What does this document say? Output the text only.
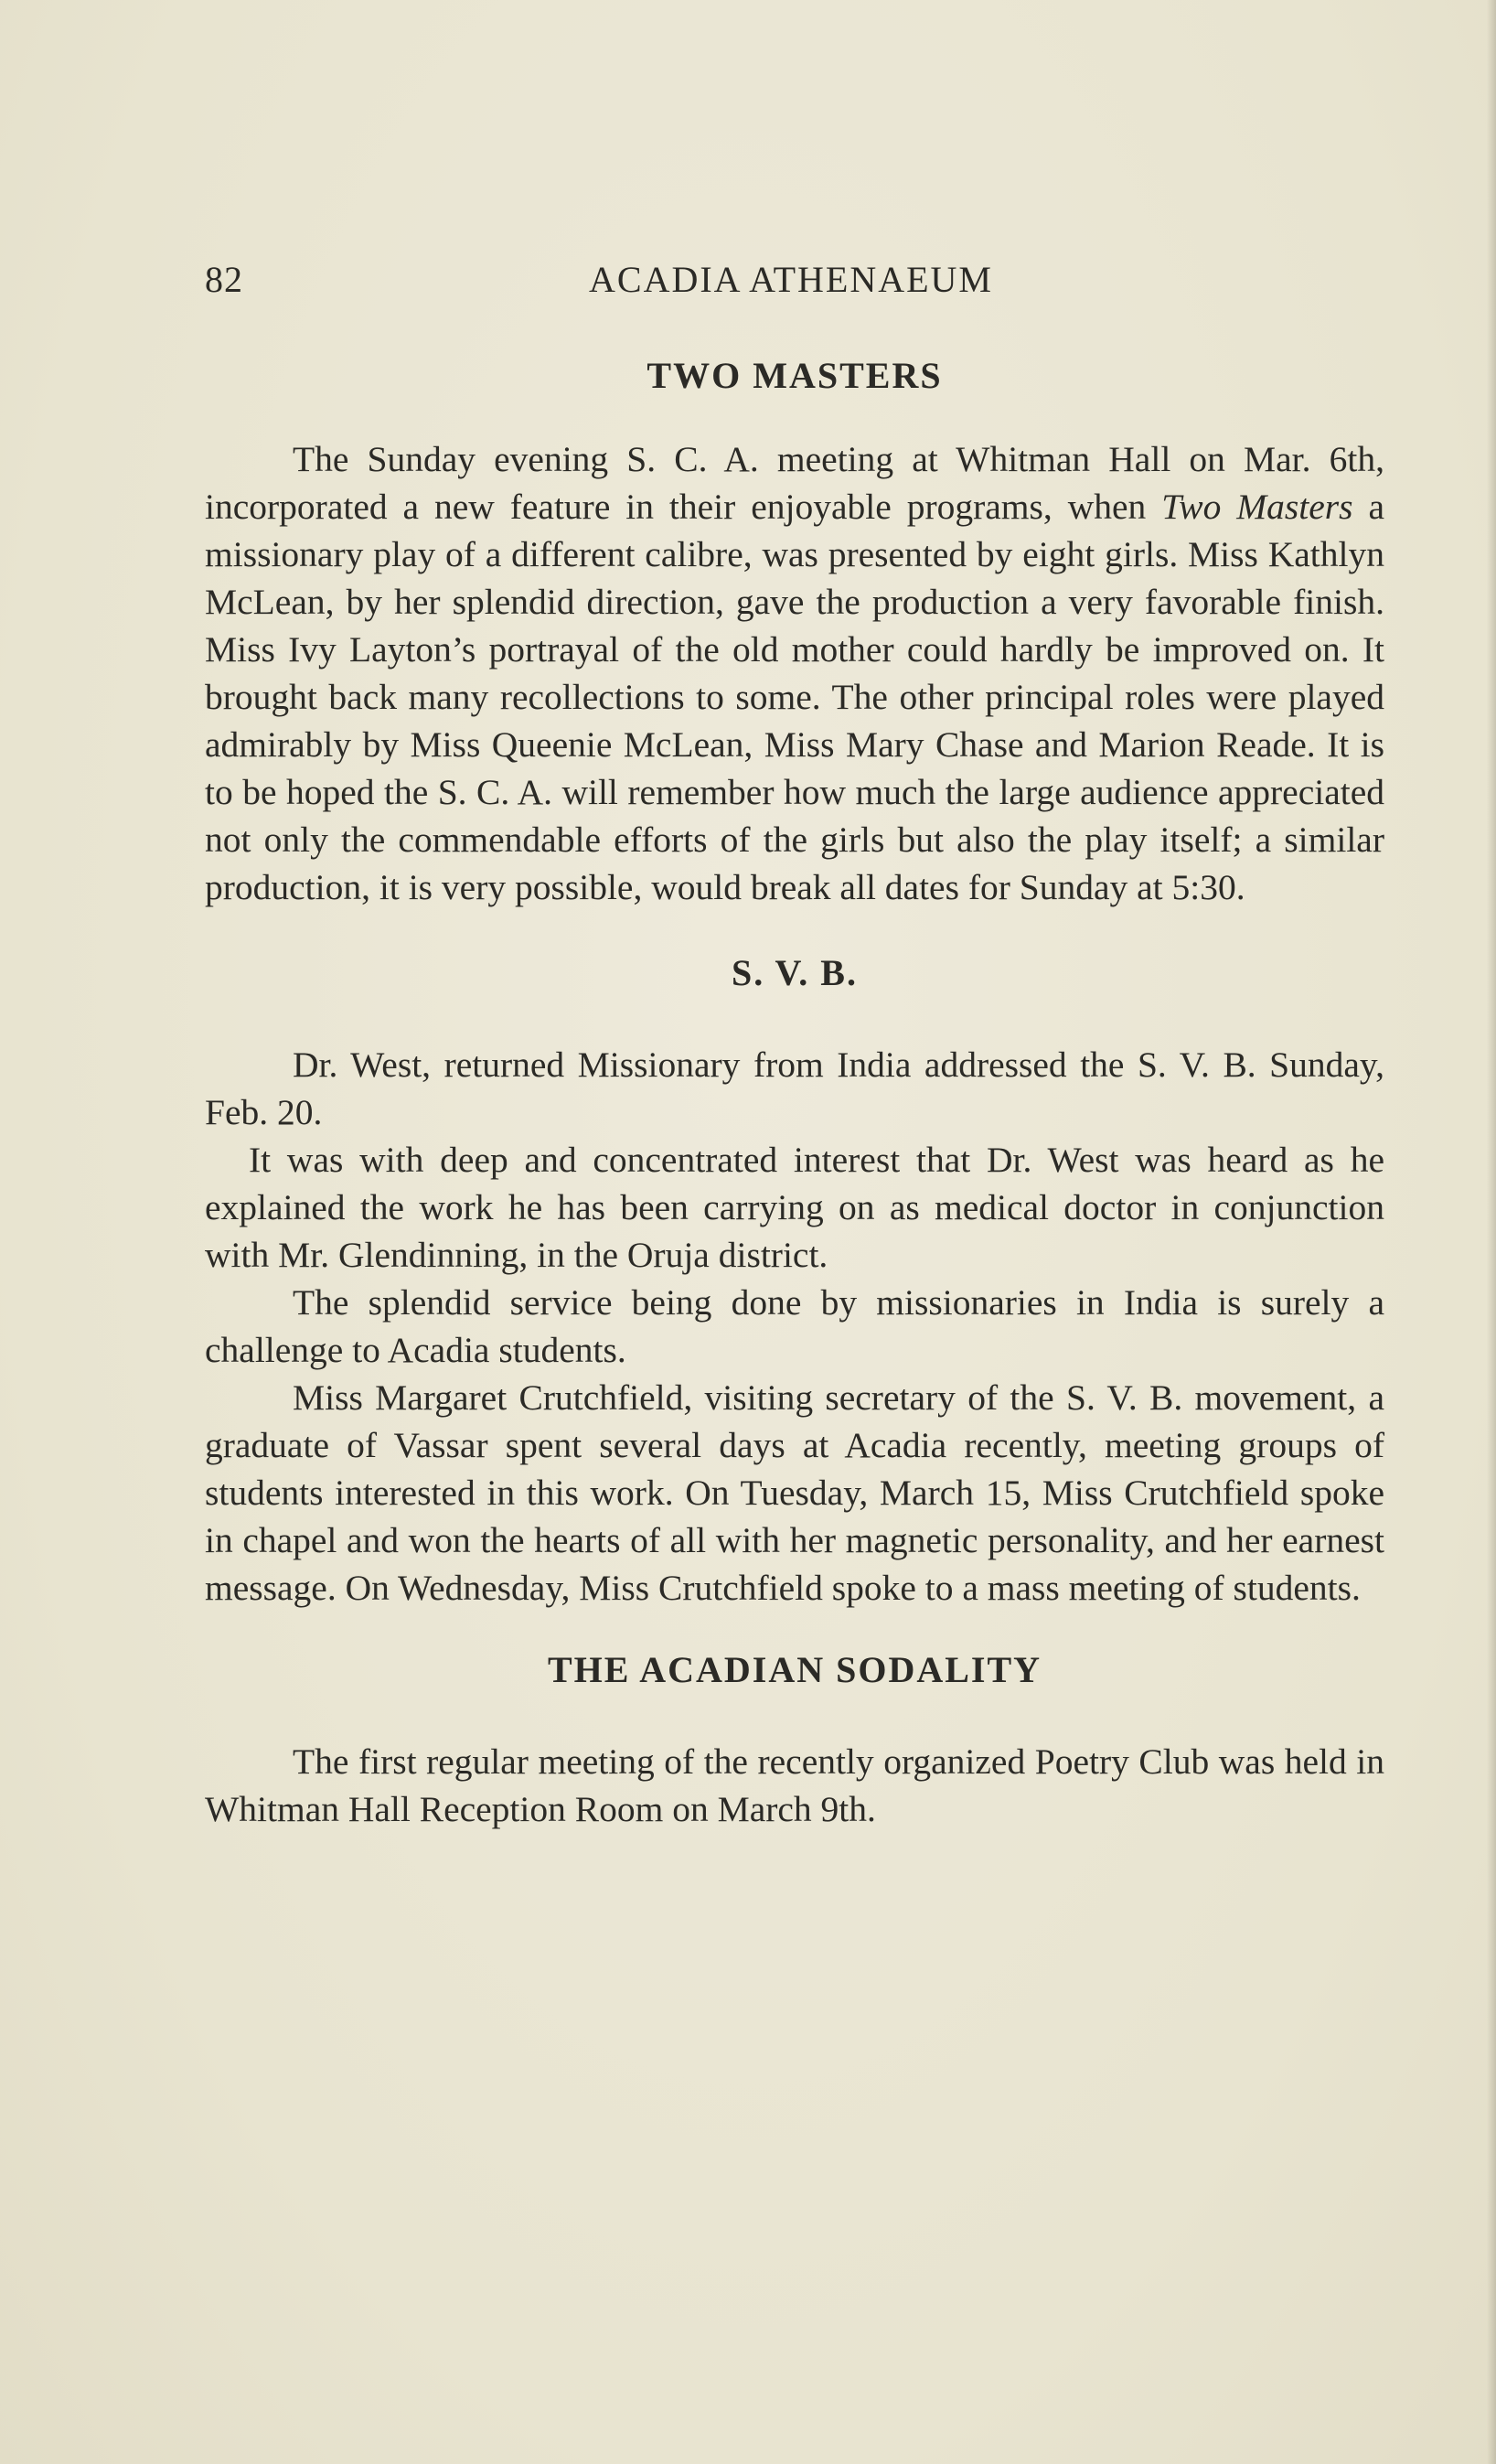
82	ACADIA ATHENAEUM
TWO MASTERS

The Sunday evening S. C. A. meeting at Whitman Hall on Mar. 6th, incorporated a new feature in their enjoyable programs, when Two Masters a missionary play of a different calibre, was presented by eight girls. Miss Kathlyn McLean, by her splendid direction, gave the production a very favorable finish. Miss Ivy Layton’s portrayal of the old mother could hardly be improved on. It brought back many recollections to some. The other principal roles were played admirably by Miss Queenie McLean, Miss Mary Chase and Marion Reade. It is to be hoped the S. C. A. will remember how much the large audience appreciated not only the commendable efforts of the girls but also the play itself; a similar production, it is very possible, would break all dates for Sunday at 5:30.

S. V. B.

Dr. West, returned Missionary from India addressed the S. V. B. Sunday, Feb. 20.

It was with deep and concentrated interest that Dr. West was heard as he explained the work he has been carrying on as medical doctor in conjunction with Mr. Glendinning, in the Oruja district.

The splendid service being done by missionaries in India is surely a challenge to Acadia students.

Miss Margaret Crutchfield, visiting secretary of the S. V. B. movement, a graduate of Vassar spent several days at Acadia recently, meeting groups of students interested in this work. On Tuesday, March 15, Miss Crutchfield spoke in chapel and won the hearts of all with her magnetic personality, and her earnest message. On Wednesday, Miss Crutchfield spoke to a mass meeting of students.

THE ACADIAN SODALITY

The first regular meeting of the recently organized Poetry Club was held in Whitman Hall Reception Room on March 9th.
